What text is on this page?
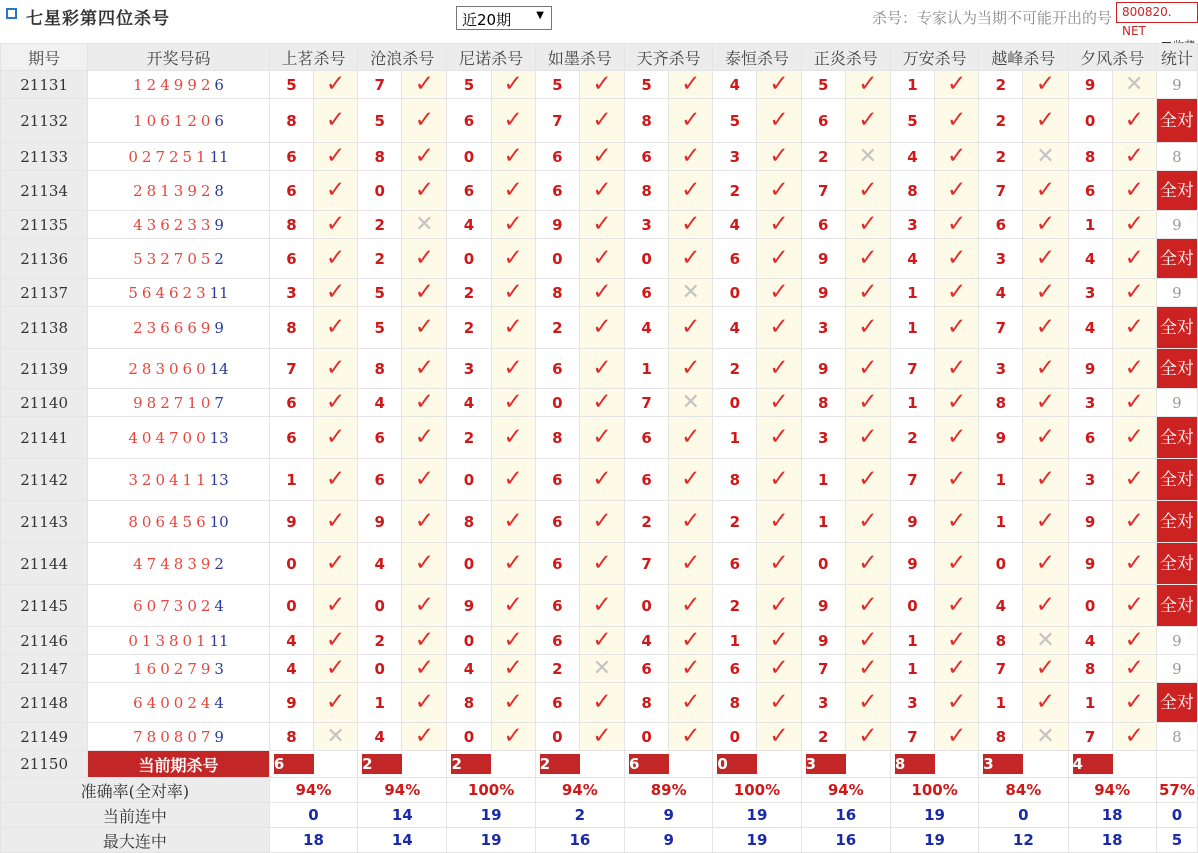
七星彩第四位杀号	近20期	▼	杀号：专家认为当期不可能开出的号 800820. NET
期号	开奖号码	上茗杀号		沧浪杀号		尼诺杀号		如墨杀号		天齐杀号		泰恒杀号		正炎杀号		万安杀号		越峰杀号		夕风杀号		统计
21131	1249926	5	✓	7	✓	5	✓	5	✓	5	✓	4	✓	5	✓	1	✓	2	✓	9	✕	9
21132	1061206	8	✓	5	✓	6	✓	7	✓	8	✓	5	✓	6	✓	5	✓	2	✓	0	✓	全对
21133	02725111	6	✓	8	✓	0	✓	6	✓	6	✓	3	✓	2	✕	4	✓	2	✕	8	✓	8
21134	2813928	6	✓	0	✓	6	✓	6	✓	8	✓	2	✓	7	✓	8	✓	7	✓	6	✓	全对
21135	4362339	8	✓	2	✕	4	✓	9	✓	3	✓	4	✓	6	✓	3	✓	6	✓	1	✓	9
21136	5327052	6	✓	2	✓	0	✓	0	✓	0	✓	6	✓	9	✓	4	✓	3	✓	4	✓	全对
21137	56462311	3	✓	5	✓	2	✓	8	✓	6	✕	0	✓	9	✓	1	✓	4	✓	3	✓	9
21138	2366699	8	✓	5	✓	2	✓	2	✓	4	✓	4	✓	3	✓	1	✓	7	✓	4	✓	全对
21139	28306014	7	✓	8	✓	3	✓	6	✓	1	✓	2	✓	9	✓	7	✓	3	✓	9	✓	全对
21140	9827107	6	✓	4	✓	4	✓	0	✓	7	✕	0	✓	8	✓	1	✓	8	✓	3	✓	9
21141	40470013	6	✓	6	✓	2	✓	8	✓	6	✓	1	✓	3	✓	2	✓	9	✓	6	✓	全对
21142	32041113	1	✓	6	✓	0	✓	6	✓	6	✓	8	✓	1	✓	7	✓	1	✓	3	✓	全对
21143	80645610	9	✓	9	✓	8	✓	6	✓	2	✓	2	✓	1	✓	9	✓	1	✓	9	✓	全对
21144	4748392	0	✓	4	✓	0	✓	6	✓	7	✓	6	✓	0	✓	9	✓	0	✓	9	✓	全对
21145	6073024	0	✓	0	✓	9	✓	6	✓	0	✓	2	✓	9	✓	0	✓	4	✓	0	✓	全对
21146	01380111	4	✓	2	✓	0	✓	6	✓	4	✓	1	✓	9	✓	1	✓	8	✕	4	✓	9
21147	1602793	4	✓	0	✓	4	✓	2	✕	6	✓	6	✓	7	✓	1	✓	7	✓	8	✓	9
21148	6400244	9	✓	1	✓	8	✓	6	✓	8	✓	8	✓	3	✓	3	✓	1	✓	1	✓	全对
21149	7808079	8	✕	4	✓	0	✓	0	✓	0	✓	0	✓	2	✓	7	✓	8	✕	7	✓	8
21150	当前期杀号	6		2		2		2		6		0		3		8		3		4		
准确率(全对率)		94%		94%		100%		94%		89%		100%		94%		100%		84%		94%		57%
当前连中		0		14		19		2		9		19		16		19		0		18		0
最大连中		18		14		19		16		9		19		16		19		12		18		5
